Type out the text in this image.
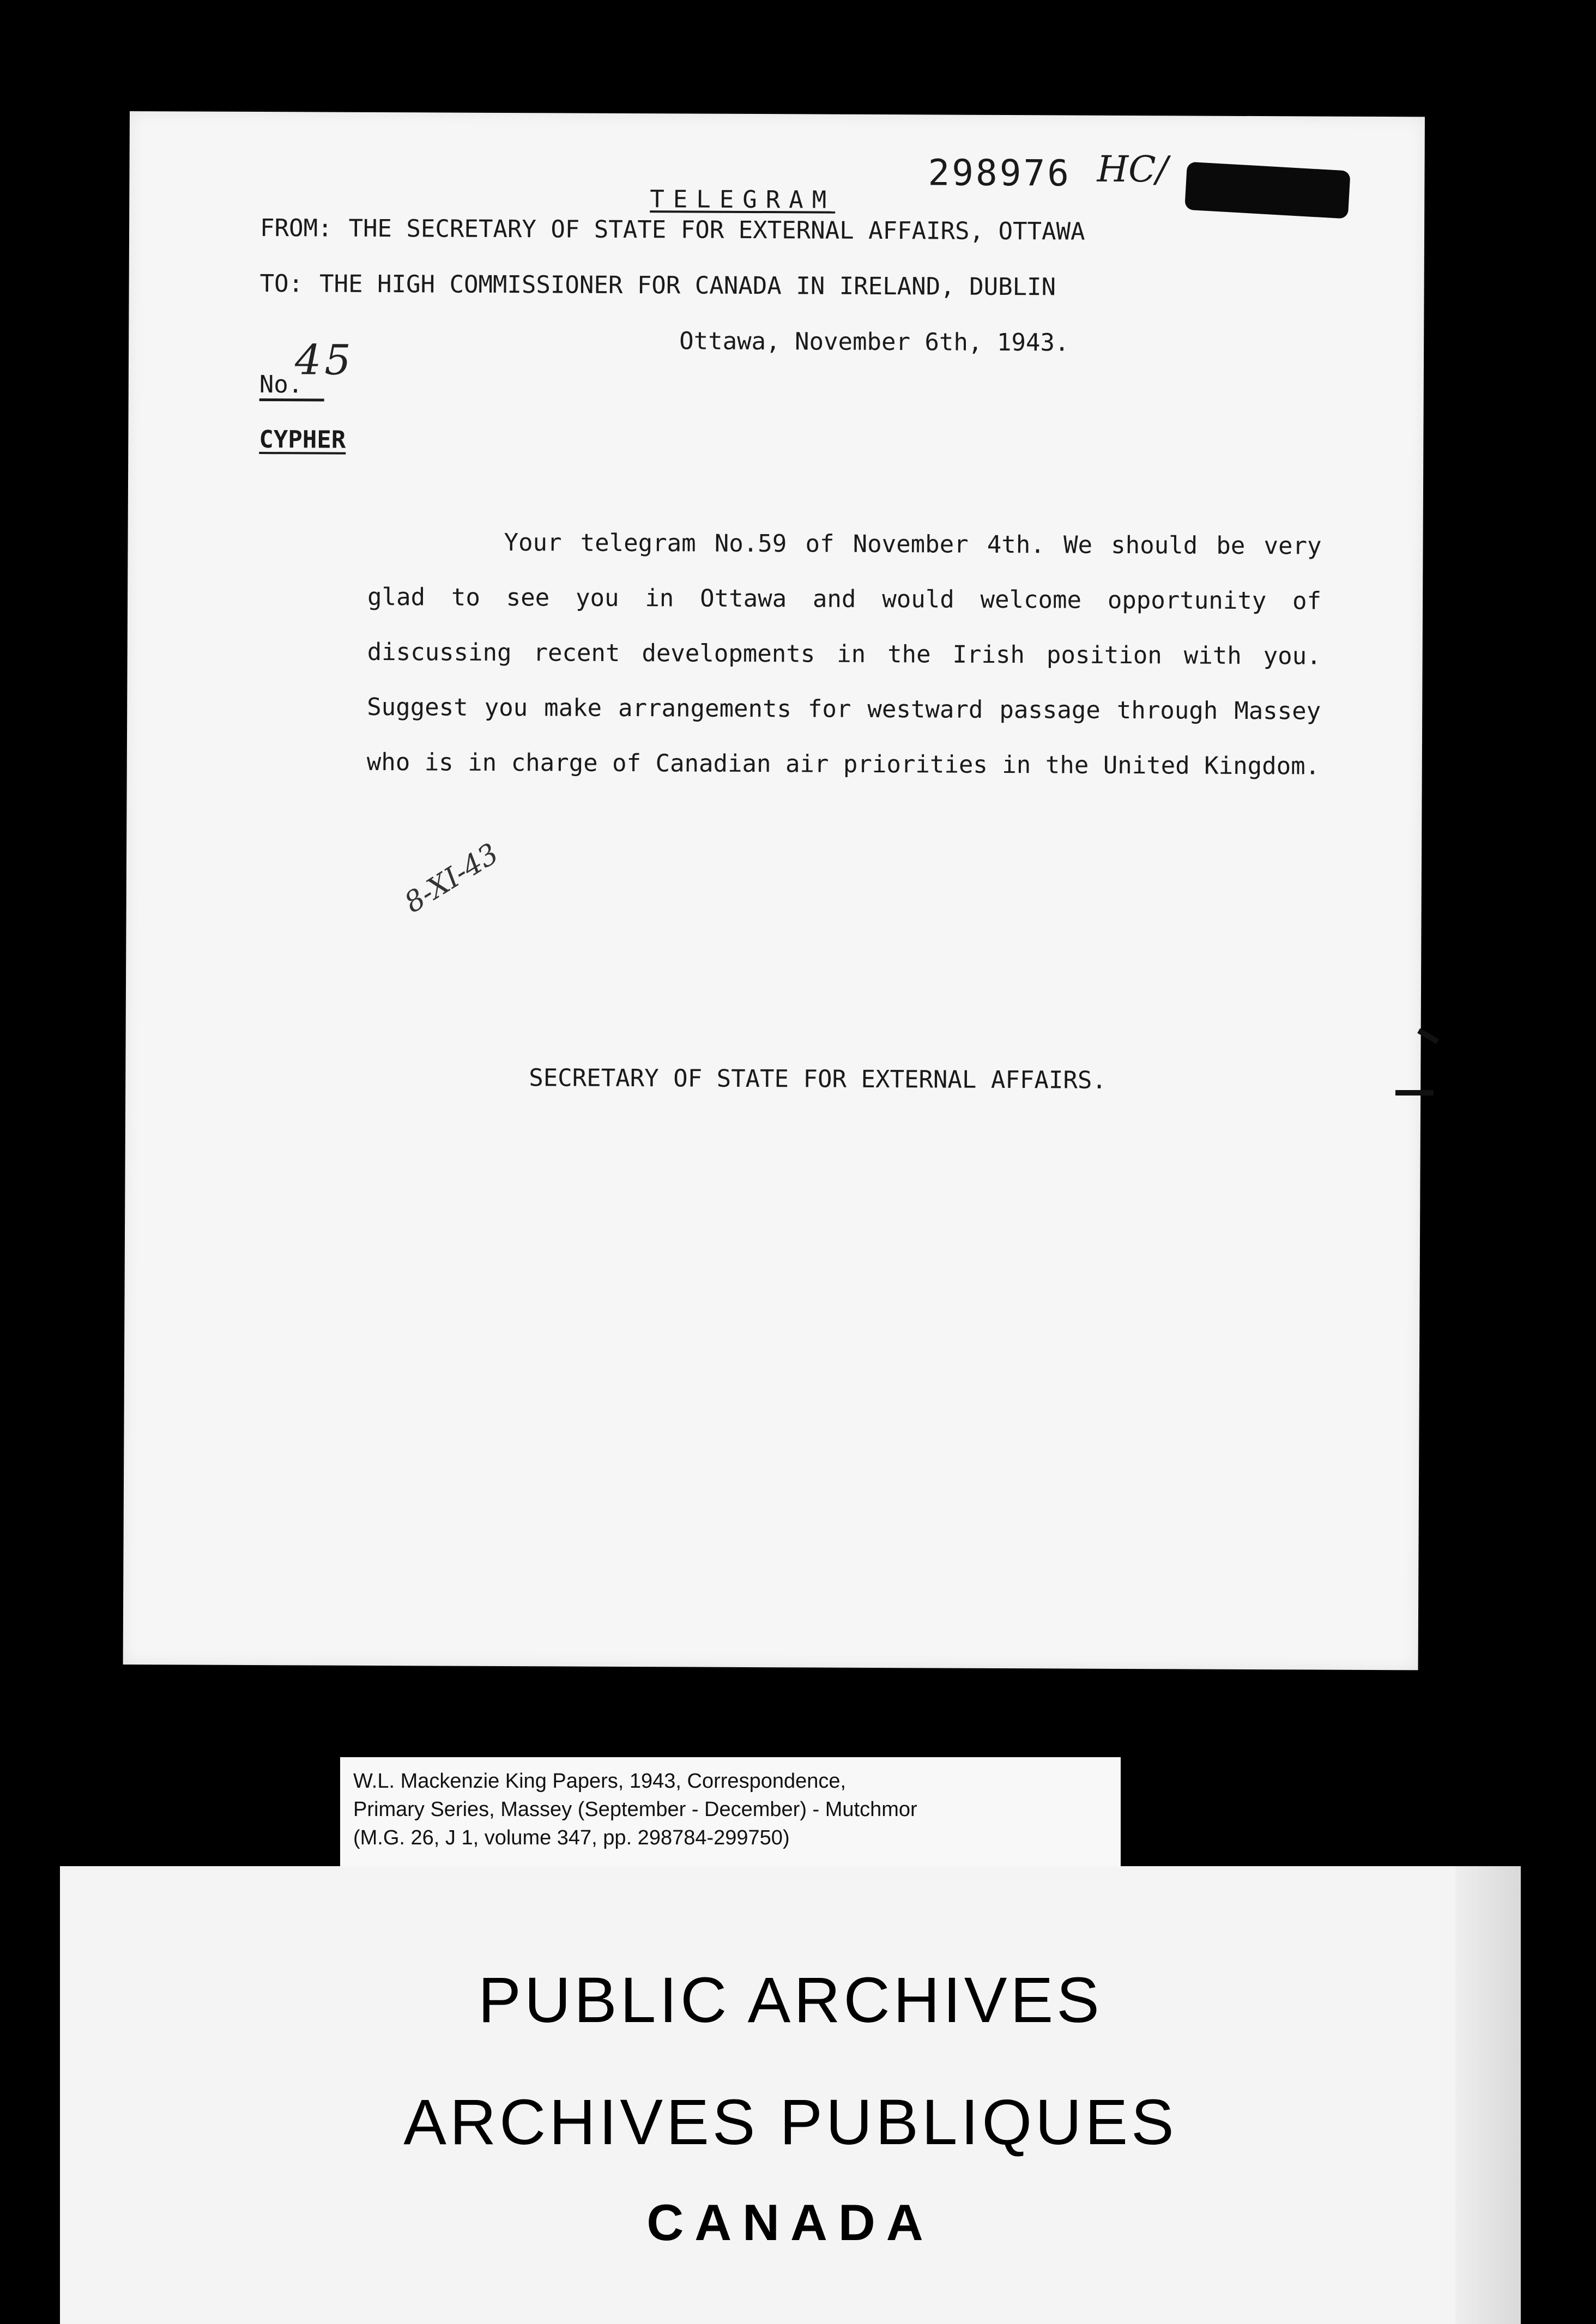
298976 HC/
TELEGRAM
FROM: THE SECRETARY OF STATE FOR EXTERNAL AFFAIRS, OTTAWA
TO: THE HIGH COMMISSIONER FOR CANADA IN IRELAND, DUBLIN
Ottawa, November 6th, 1943.
No.
45
CYPHER
Your telegram No.59 of November 4th. We should be very glad to see you in Ottawa and would welcome opportunity of discussing recent developments in the Irish position with you. Suggest you make arrangements for westward passage through Massey who is in charge of Canadian air priorities in the United Kingdom.
8-XI-43
SECRETARY OF STATE FOR EXTERNAL AFFAIRS.
W.L. Mackenzie King Papers, 1943, Correspondence,
Primary Series, Massey (September - December) - Mutchmor
(M.G. 26, J 1, volume 347, pp. 298784-299750)
PUBLIC ARCHIVES
ARCHIVES PUBLIQUES
CANADA
